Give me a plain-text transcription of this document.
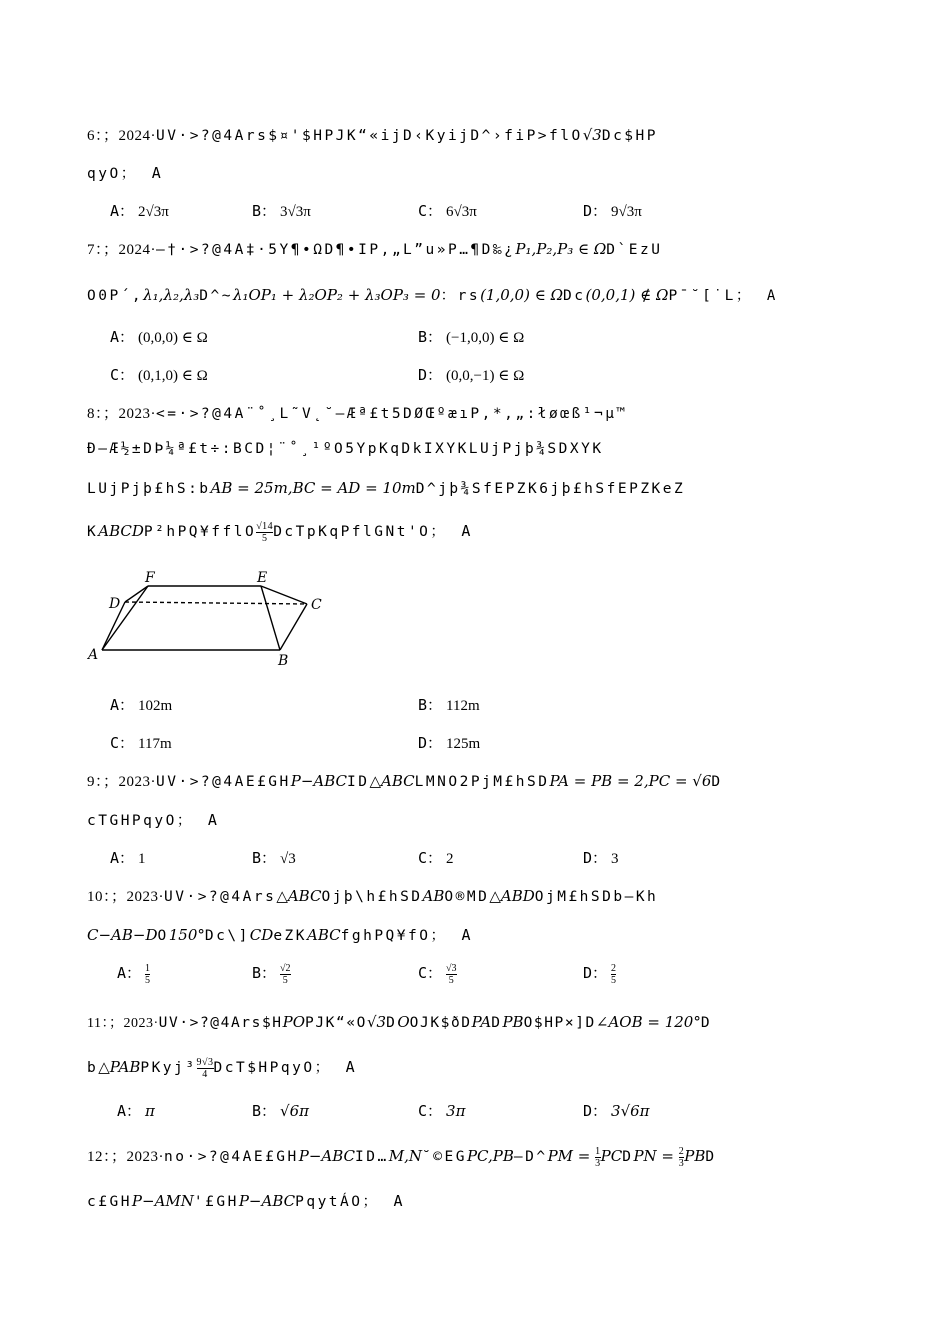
6：；2024·UV·>?@4Ars$¤'$HPJK“«ijD‹KyijD^›fiP>flO√3Dc$HP
qyO； A
A： 2√3π	B： 3√3π	C： 6√3π	D： 9√3π
7：；2024·—†·>?@4A‡·5Y¶•ΩD¶•IP,„L”u»P…¶D‰¿P₁,P₂,P₃ ∈ ΩD`EzU
O0P´,λ₁,λ₂,λ₃D^~λ₁OP₁ + λ₂OP₂ + λ₃OP₃ = 0：rs(1,0,0) ∈ ΩDc(0,0,1) ∉ ΩP¯˘[˙L； A
A： (0,0,0) ∈ Ω	B： (−1,0,0) ∈ Ω
C： (0,1,0) ∈ Ω	D： (0,0,−1) ∈ Ω
8：；2023·<=·>?@4A¨˚¸L˜V˛˘—Æª£t5DØŒºæıP,*,„:łøœß¹¬µ™
Ð—Æ½±DÞ¼ª£t÷:BCD¦¨˚¸¹ºO5YpKqDkIXYKLUjPjþ¾SDXYK
LUjPjþ£hS:bAB = 25m,BC = AD = 10mD^jþ¾SfEPZK6jþ£hSfEPZKeZ
KABCDP²hPQ¥fflO $\frac{√14}{5}$ DcTpKqPflGNt'O； A
F	E
D	C
A	B
A： 102m	B： 112m
C： 117m	D： 125m
9：；2023·UV·>?@4AE£GHP−ABCID△ABCLMNO2PjM£hSDPA = PB = 2,PC = √6D
cTGHPqyO； A
A： 1	B： √3	C： 2	D： 3
10：；2023·UV·>?@4Ars△ABCOjþ\h£hSDABO®MD△ABDOjM£hSDb—Kh
C−AB−DO150°Dc\]CDeZKABCfghPQ¥fO； A
A： $\frac{1}{5}$	B： $\frac{√2}{5}$	C： $\frac{√3}{5}$	D： $\frac{2}{5}$
11：；2023·UV·>?@4Ars$HPOPJK“«O√3DOOJK$ðDPADPBO$HP×]D∠AOB = 120°D
b△PABPKyj³ $\frac{9√3}{4}$ DcT$HPqyO； A
A： π	B： √6π	C： 3π	D： 3√6π
12：；2023·no·>?@4AE£GHP−ABCID…M,N˘©EGPC,PB—D^PM = $\frac{1}{3}$ PCDPN = $\frac{2}{3}$ PBD
c£GHP−AMN'£GHP−ABCPqytÁO； A
